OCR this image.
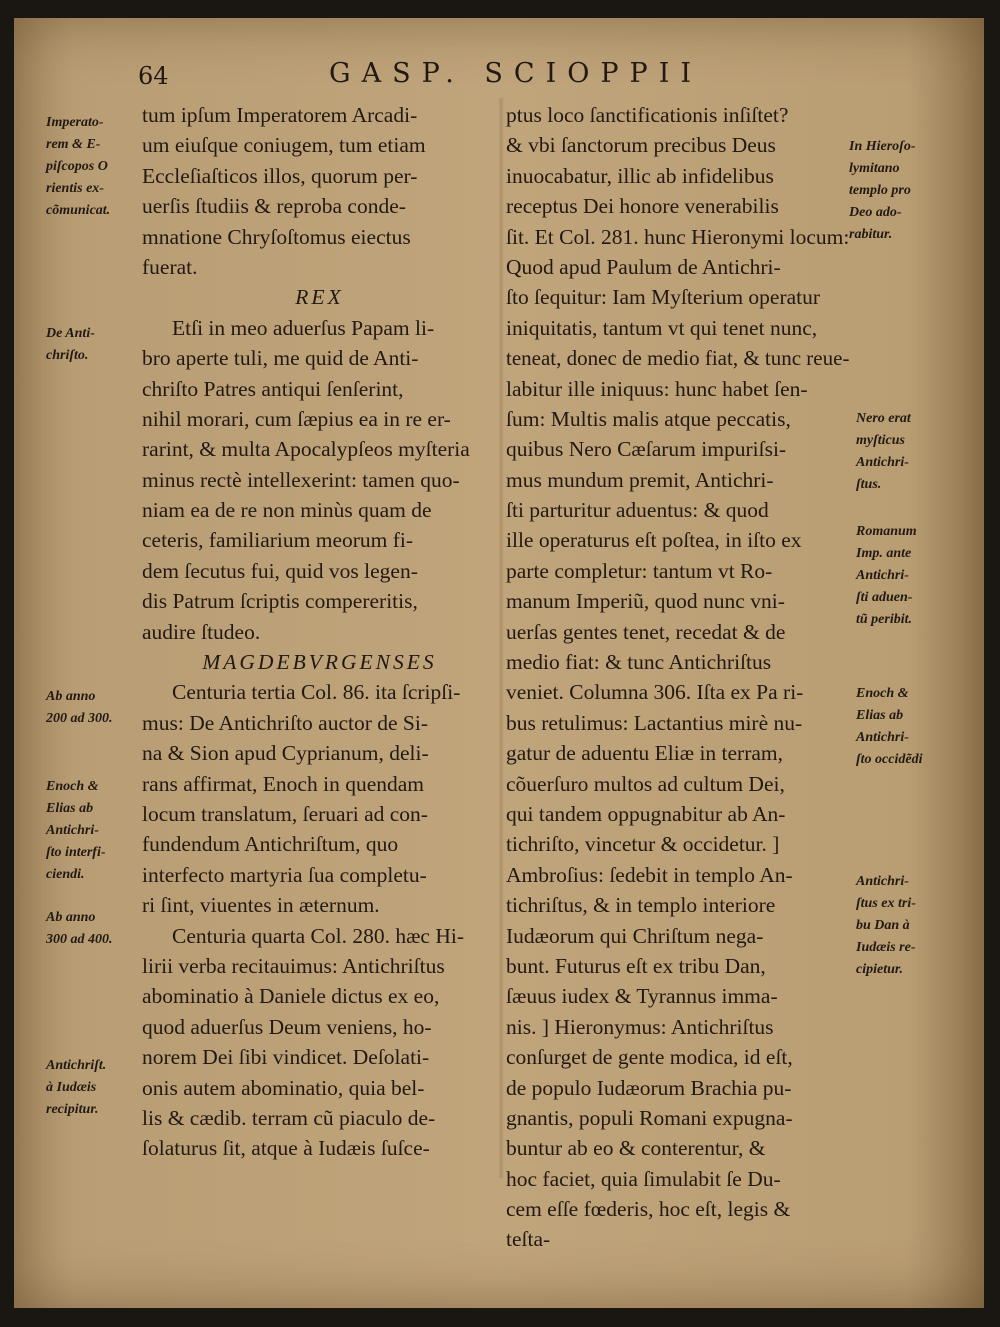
64	GASP. SCIOPPII
tum ipſum Imperatorem Arcadi-
um eiuſque coniugem, tum etiam
Eccleſiaſticos illos, quorum per-
uerſis ſtudiis & reproba conde-
mnatione Chryſoſtomus eiectus
fuerat.
REX
Etſi in meo aduerſus Papam li-
bro aperte tuli, me quid de Anti-
chriſto Patres antiqui ſenſerint,
nihil morari, cum ſæpius ea in re er-
rarint, & multa Apocalypſeos myſteria
minus rectè intellexerint: tamen quo-
niam ea de re non minùs quam de
ceteris, familiarium meorum fi-
dem ſecutus fui, quid vos legen-
dis Patrum ſcriptis compereritis,
audire ſtudeo.
MAGDEBVRGENSES
Centuria tertia Col. 86. ita ſcripſi-
mus: De Antichriſto auctor de Si-
na & Sion apud Cyprianum, deli-
rans affirmat, Enoch in quendam
locum translatum, ſeruari ad con-
fundendum Antichriſtum, quo
interfecto martyria ſua completu-
ri ſint, viuentes in æternum.
Centuria quarta Col. 280. hæc Hi-
lirii verba recitauimus: Antichriſtus
abominatio à Daniele dictus ex eo,
quod aduerſus Deum veniens, ho-
norem Dei ſibi vindicet. Deſolati-
onis autem abominatio, quia bel-
lis & cædib. terram cũ piaculo de-
ſolaturus ſit, atque à Iudæis ſuſce-
ptus loco ſanctificationis inſiſtet?
& vbi ſanctorum precibus Deus
inuocabatur, illic ab infidelibus
receptus Dei honore venerabilis
ſit. Et Col. 281. hunc Hieronymi locum:
Quod apud Paulum de Antichri-
ſto ſequitur: Iam Myſterium operatur
iniquitatis, tantum vt qui tenet nunc,
teneat, donec de medio fiat, & tunc reue-
labitur ille iniquus: hunc habet ſen-
ſum: Multis malis atque peccatis,
quibus Nero Cæſarum impuriſsi-
mus mundum premit, Antichri-
ſti parturitur aduentus: & quod
ille operaturus eſt poſtea, in iſto ex
parte completur: tantum vt Ro-
manum Imperiũ, quod nunc vni-
uerſas gentes tenet, recedat & de
medio fiat: & tunc Antichriſtus
veniet. Columna 306. Iſta ex Pa ri-
bus retulimus: Lactantius mirè nu-
gatur de aduentu Eliæ in terram,
cõuerſuro multos ad cultum Dei,
qui tandem oppugnabitur ab An-
tichriſto, vincetur & occidetur. ]
Ambroſius: ſedebit in templo An-
tichriſtus, & in templo interiore
Iudæorum qui Chriſtum nega-
bunt. Futurus eſt ex tribu Dan,
ſæuus iudex & Tyrannus imma-
nis. ] Hieronymus: Antichriſtus
conſurget de gente modica, id eſt,
de populo Iudæorum Brachia pu-
gnantis, populi Romani expugna-
buntur ab eo & conterentur, &
hoc faciet, quia ſimulabit ſe Du-
cem eſſe fœderis, hoc eſt, legis &
teſta-
Imperato-
rem & E-
piſcopos O
rientis ex-
cõmunicat.
De Anti-
chriſto.
Ab anno
200 ad 300.
Enoch &
Elias ab
Antichri-
ſto interfi-
ciendi.
Ab anno
300 ad 400.
Antichriſt.
à Iudæis
recipitur.
In Hieroſo-
lymitano
templo pro
Deo ado-
rabitur.
Nero erat
myſticus
Antichri-
ſtus.
Romanum
Imp. ante
Antichri-
ſti aduen-
tũ peribit.
Enoch &
Elias ab
Antichri-
ſto occidẽdi
Antichri-
ſtus ex tri-
bu Dan à
Iudæis re-
cipietur.
